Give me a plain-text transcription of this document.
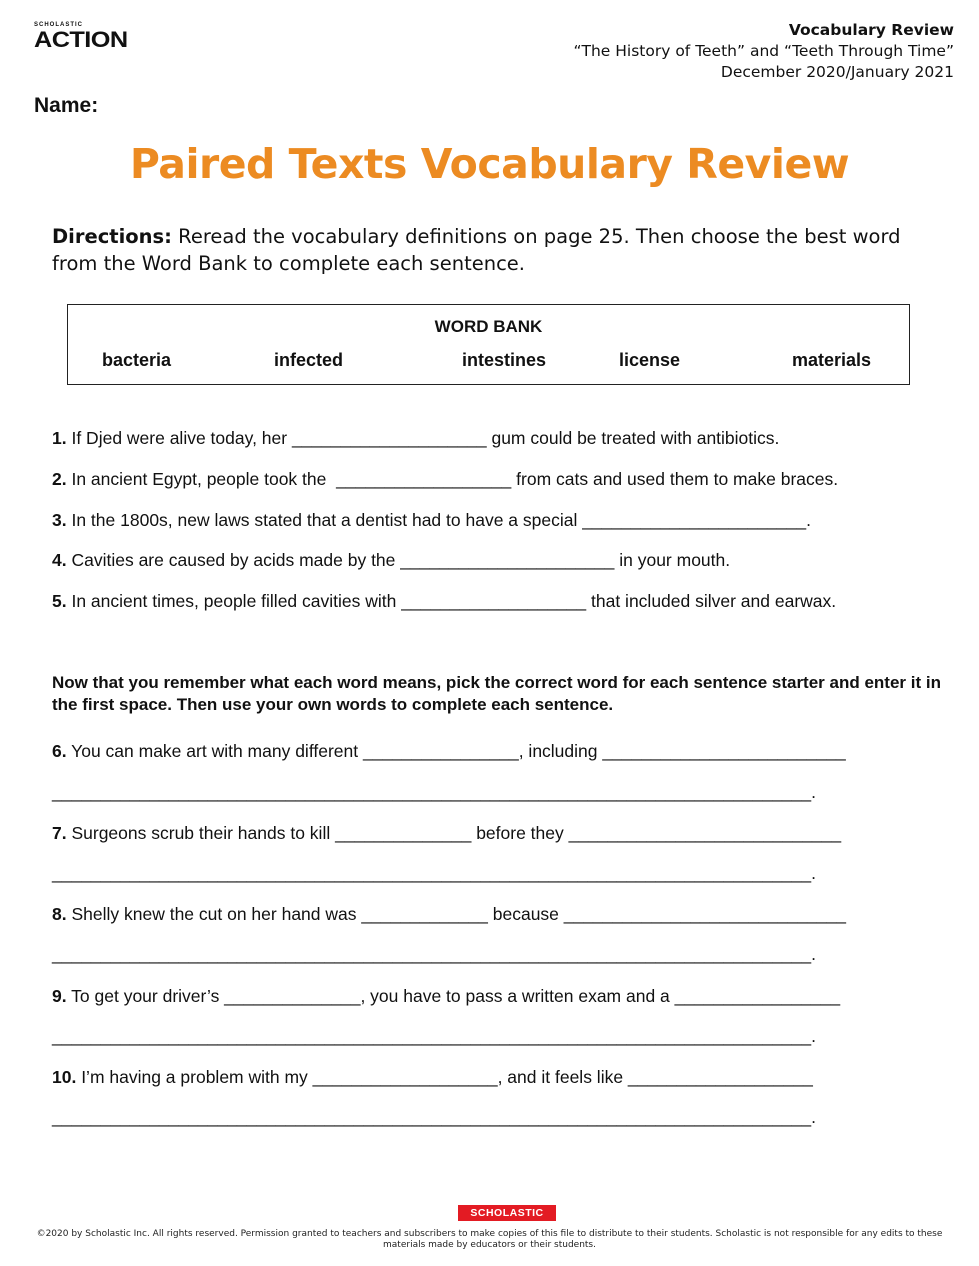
SCHOLASTIC
ACTION	Vocabulary Review
“The History of Teeth” and “Teeth Through Time”
December 2020/January 2021
Name:
Paired Texts Vocabulary Review
Directions: Reread the vocabulary definitions on page 25. Then choose the best word from the Word Bank to complete each sentence.
WORD BANK
bacteria	infected	intestines	license	materials
1. If Djed were alive today, her ____________________ gum could be treated with antibiotics.
2. In ancient Egypt, people took the  __________________ from cats and used them to make braces.
3. In the 1800s, new laws stated that a dentist had to have a special _______________________.
4. Cavities are caused by acids made by the ______________________ in your mouth.
5. In ancient times, people filled cavities with ___________________ that included silver and earwax.
Now that you remember what each word means, pick the correct word for each sentence starter and enter it in the first space. Then use your own words to complete each sentence.
6. You can make art with many different ________________, including _________________________
______________________________________________________________________________.
7. Surgeons scrub their hands to kill ______________ before they ____________________________
______________________________________________________________________________.
8. Shelly knew the cut on her hand was _____________ because _____________________________
______________________________________________________________________________.
9. To get your driver’s ______________, you have to pass a written exam and a _________________
______________________________________________________________________________.
10. I’m having a problem with my ___________________, and it feels like ___________________
______________________________________________________________________________.
SCHOLASTIC
©2020 by Scholastic Inc. All rights reserved. Permission granted to teachers and subscribers to make copies of this file to distribute to their students. Scholastic is not responsible for any edits to these materials made by educators or their students.
